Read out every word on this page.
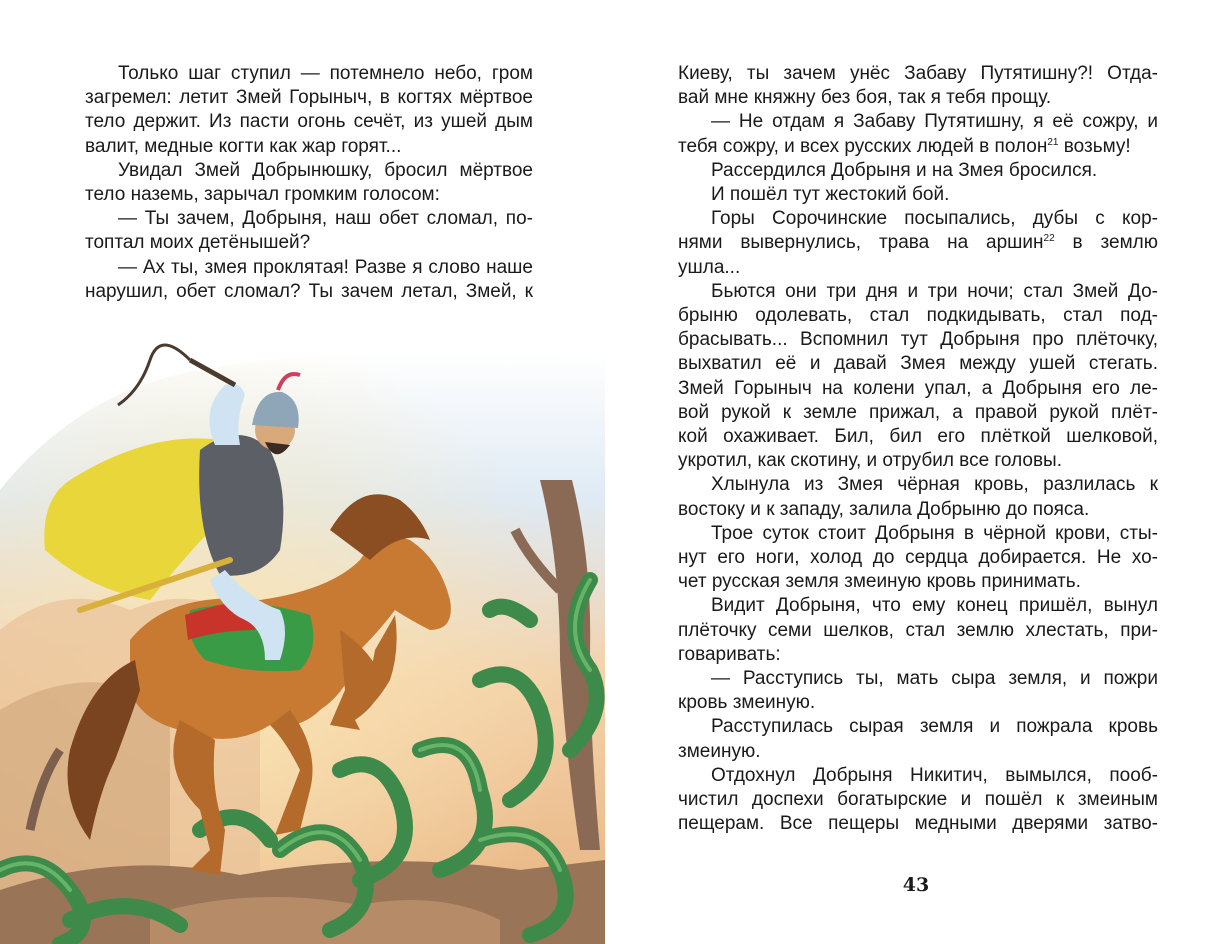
Только шаг ступил — потемнело небо, гром

загремел: летит Змей Горыныч, в когтях мёртвое

тело держит. Из пасти огонь сечёт, из ушей дым

валит, медные когти как жар горят...

Увидал Змей Добрынюшку, бросил мёртвое

тело наземь, зарычал громким голосом:

— Ты зачем, Добрыня, наш обет сломал, по-

топтал моих детёнышей?

— Ах ты, змея проклятая! Разве я слово наше

нарушил, обет сломал? Ты зачем летал, Змей, к

Киеву, ты зачем унёс Забаву Путятишну?! Отда-

вай мне княжну без боя, так я тебя прощу.

— Не отдам я Забаву Путятишну, я её сожру, и

тебя сожру, и всех русских людей в полон$^{21}$ возьму!

Рассердился Добрыня и на Змея бросился.

И пошёл тут жестокий бой.

Горы Сорочинские посыпались, дубы с кор-

нями вывернулись, трава на аршин$^{22}$ в землю

ушла...

Бьются они три дня и три ночи; стал Змей До-

брыню одолевать, стал подкидывать, стал под-

брасывать... Вспомнил тут Добрыня про плёточку,

выхватил её и давай Змея между ушей стегать.

Змей Горыныч на колени упал, а Добрыня его ле-

вой рукой к земле прижал, а правой рукой плёт-

кой охаживает. Бил, бил его плёткой шелковой,

укротил, как скотину, и отрубил все головы.

Хлынула из Змея чёрная кровь, разлилась к

востоку и к западу, залила Добрыню до пояса.

Трое суток стоит Добрыня в чёрной крови, сты-

нут его ноги, холод до сердца добирается. Не хо-

чет русская земля змеиную кровь принимать.

Видит Добрыня, что ему конец пришёл, вынул

плёточку семи шелков, стал землю хлестать, при-

говаривать:

— Расступись ты, мать сыра земля, и пожри

кровь змеиную.

Расступилась сырая земля и пожрала кровь

змеиную.

Отдохнул Добрыня Никитич, вымылся, пооб-

чистил доспехи богатырские и пошёл к змеиным

пещерам. Все пещеры медными дверями затво-

43
